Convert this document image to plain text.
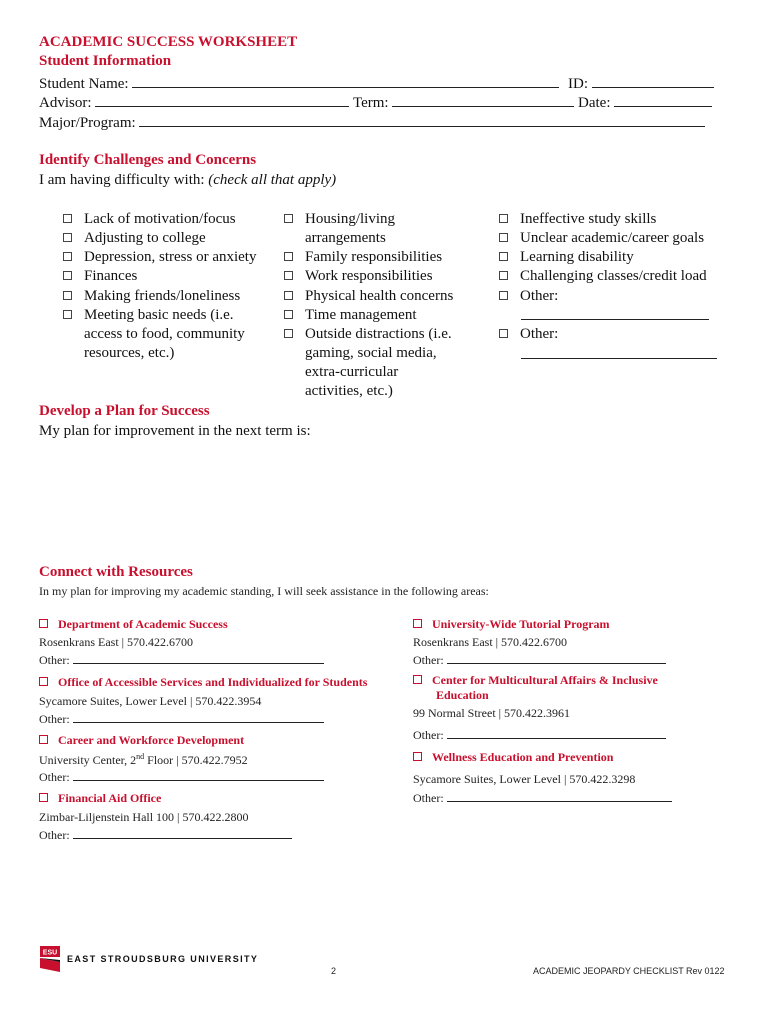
ACADEMIC SUCCESS WORKSHEET
Student Information
Student Name:	ID:
Advisor:	Term:	Date:
Major/Program:
Identify Challenges and Concerns
I am having difficulty with: (check all that apply)
Lack of motivation/focus
Adjusting to college
Depression, stress or anxiety
Finances
Making friends/loneliness
Meeting basic needs (i.e.
access to food, community
resources, etc.)
Housing/living
arrangements
Family responsibilities
Work responsibilities
Physical health concerns
Time management
Outside distractions (i.e.
gaming, social media,
extra-curricular
activities, etc.)
Ineffective study skills
Unclear academic/career goals
Learning disability
Challenging classes/credit load
Other:
Other:
Develop a Plan for Success
My plan for improvement in the next term is:
Connect with Resources
In my plan for improving my academic standing, I will seek assistance in the following areas:
Department of Academic Success
Rosenkrans East | 570.422.6700
Other:
Office of Accessible Services and Individualized for Students
Sycamore Suites, Lower Level | 570.422.3954
Other:
Career and Workforce Development
University Center, 2nd Floor | 570.422.7952
Other:
Financial Aid Office
Zimbar-Liljenstein Hall 100 | 570.422.2800
Other:
University-Wide Tutorial Program
Rosenkrans East | 570.422.6700
Other:
Center for Multicultural Affairs & Inclusive
Education
99 Normal Street | 570.422.3961
Other:
Wellness Education and Prevention
Sycamore Suites, Lower Level | 570.422.3298
Other:
ESU
EAST STROUDSBURG UNIVERSITY
2	ACADEMIC JEOPARDY CHECKLIST Rev 0122
